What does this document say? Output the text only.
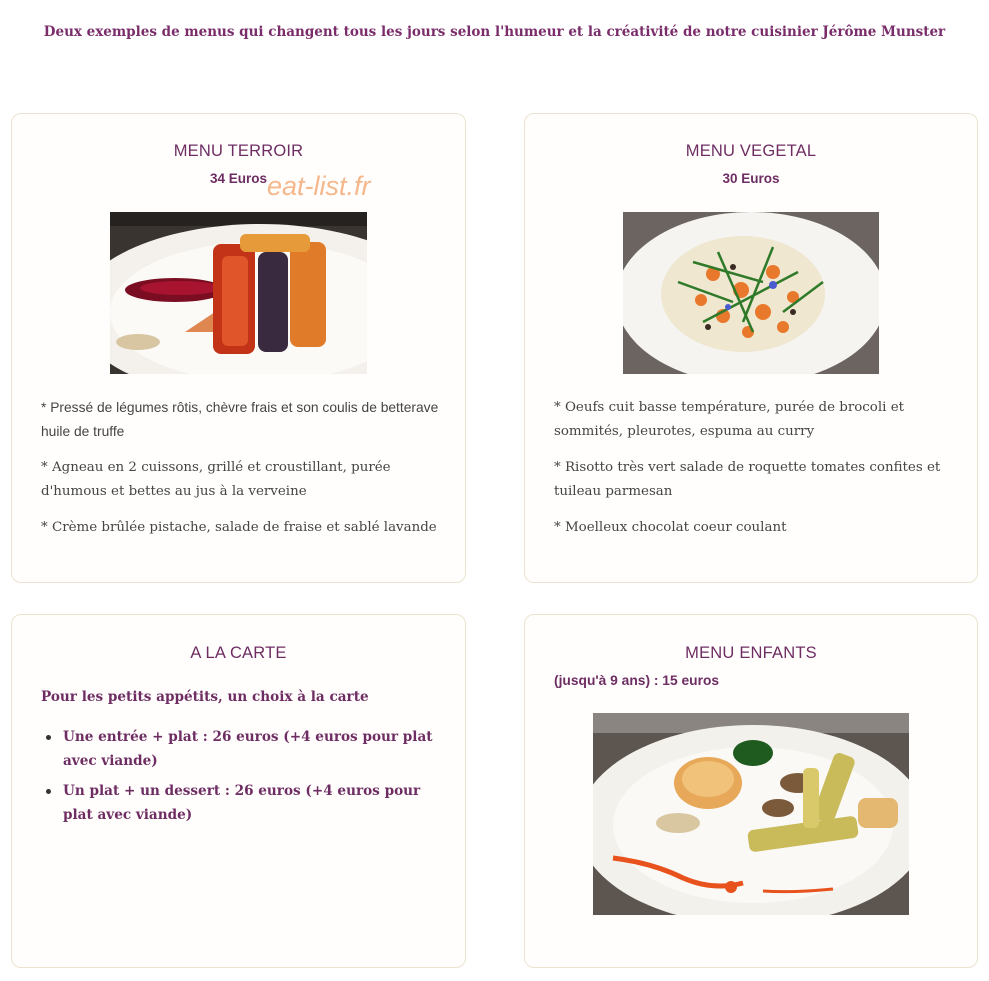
Deux exemples de menus qui changent tous les jours selon l'humeur et la créativité de notre cuisinier Jérôme Munster
MENU TERROIR
34 Euros
* Pressé de légumes rôtis, chèvre frais et son coulis de betterave huile de truffe
* Agneau en 2 cuissons, grillé et croustillant, purée d'humous et bettes au jus à la verveine
* Crème brûlée pistache, salade de fraise et sablé lavande
MENU VEGETAL
30 Euros
* Oeufs cuit basse température, purée de brocoli et sommités, pleurotes, espuma au curry
* Risotto très vert salade de roquette tomates confites et tuileau parmesan
* Moelleux chocolat coeur coulant
A LA CARTE
Pour les petits appétits, un choix à la carte
Une entrée + plat : 26 euros (+4 euros pour plat avec viande)
Un plat + un dessert : 26 euros (+4 euros pour plat avec viande)
MENU ENFANTS
(jusqu'à 9 ans) : 15 euros
eat-list.fr
